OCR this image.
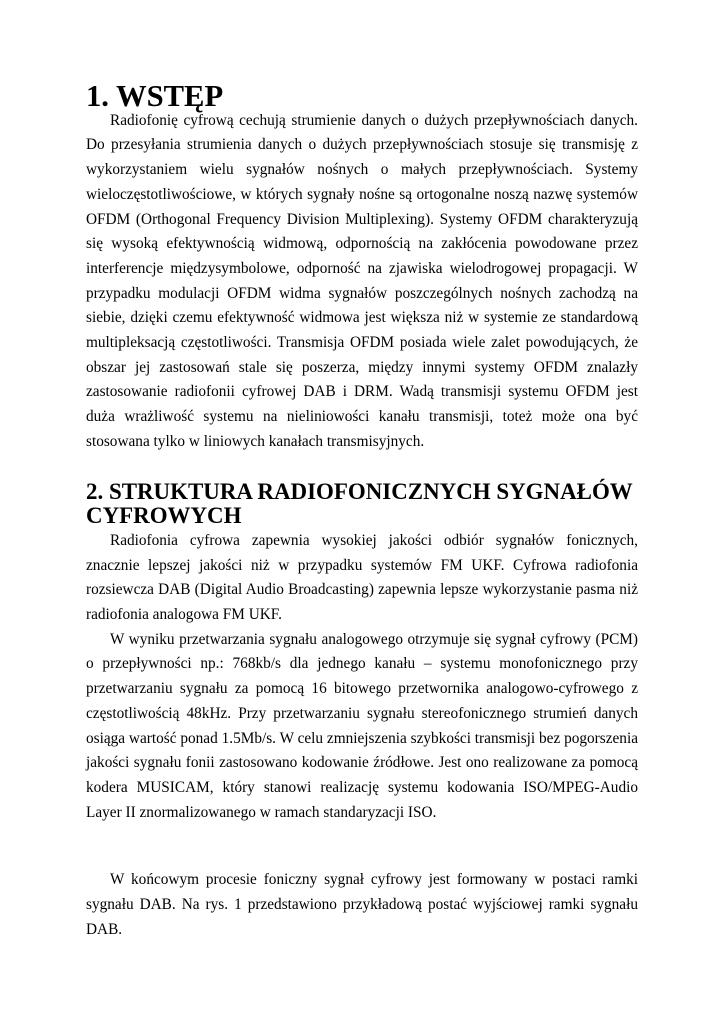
1. WSTĘP

Radiofonię cyfrową cechują strumienie danych o dużych przepływnościach danych. Do przesyłania strumienia danych o dużych przepływnościach stosuje się transmisję z wykorzystaniem wielu sygnałów nośnych o małych przepływnościach. Systemy wieloczęstotliwościowe, w których sygnały nośne są ortogonalne noszą nazwę systemów OFDM (Orthogonal Frequency Division Multiplexing). Systemy OFDM charakteryzują się wysoką efektywnością widmową, odpornością na zakłócenia powodowane przez interferencje międzysymbolowe, odporność na zjawiska wielodrogowej propagacji. W przypadku modulacji OFDM widma sygnałów poszczególnych nośnych zachodzą na siebie, dzięki czemu efektywność widmowa jest większa niż w systemie ze standardową multipleksacją częstotliwości. Transmisja OFDM posiada wiele zalet powodujących, że obszar jej zastosowań stale się poszerza, między innymi systemy OFDM znalazły zastosowanie radiofonii cyfrowej DAB i DRM. Wadą transmisji systemu OFDM jest duża wrażliwość systemu na nieliniowości kanału transmisji, toteż może ona być stosowana tylko w liniowych kanałach transmisyjnych.

2. STRUKTURA RADIOFONICZNYCH SYGNAŁÓW CYFROWYCH

Radiofonia cyfrowa zapewnia wysokiej jakości odbiór sygnałów fonicznych, znacznie lepszej jakości niż w przypadku systemów FM UKF. Cyfrowa radiofonia rozsiewcza DAB (Digital Audio Broadcasting) zapewnia lepsze wykorzystanie pasma niż radiofonia analogowa FM UKF.

W wyniku przetwarzania sygnału analogowego otrzymuje się sygnał cyfrowy (PCM) o przepływności np.: 768kb/s dla jednego kanału – systemu monofonicznego przy przetwarzaniu sygnału za pomocą 16 bitowego przetwornika analogowo-cyfrowego z częstotliwością 48kHz. Przy przetwarzaniu sygnału stereofonicznego strumień danych osiąga wartość ponad 1.5Mb/s. W celu zmniejszenia szybkości transmisji bez pogorszenia jakości sygnału fonii zastosowano kodowanie źródłowe. Jest ono realizowane za pomocą kodera MUSICAM, który stanowi realizację systemu kodowania ISO/MPEG-Audio Layer II znormalizowanego w ramach standaryzacji ISO.

W końcowym procesie foniczny sygnał cyfrowy jest formowany w postaci ramki sygnału DAB. Na rys. 1 przedstawiono przykładową postać wyjściowej ramki sygnału DAB.
